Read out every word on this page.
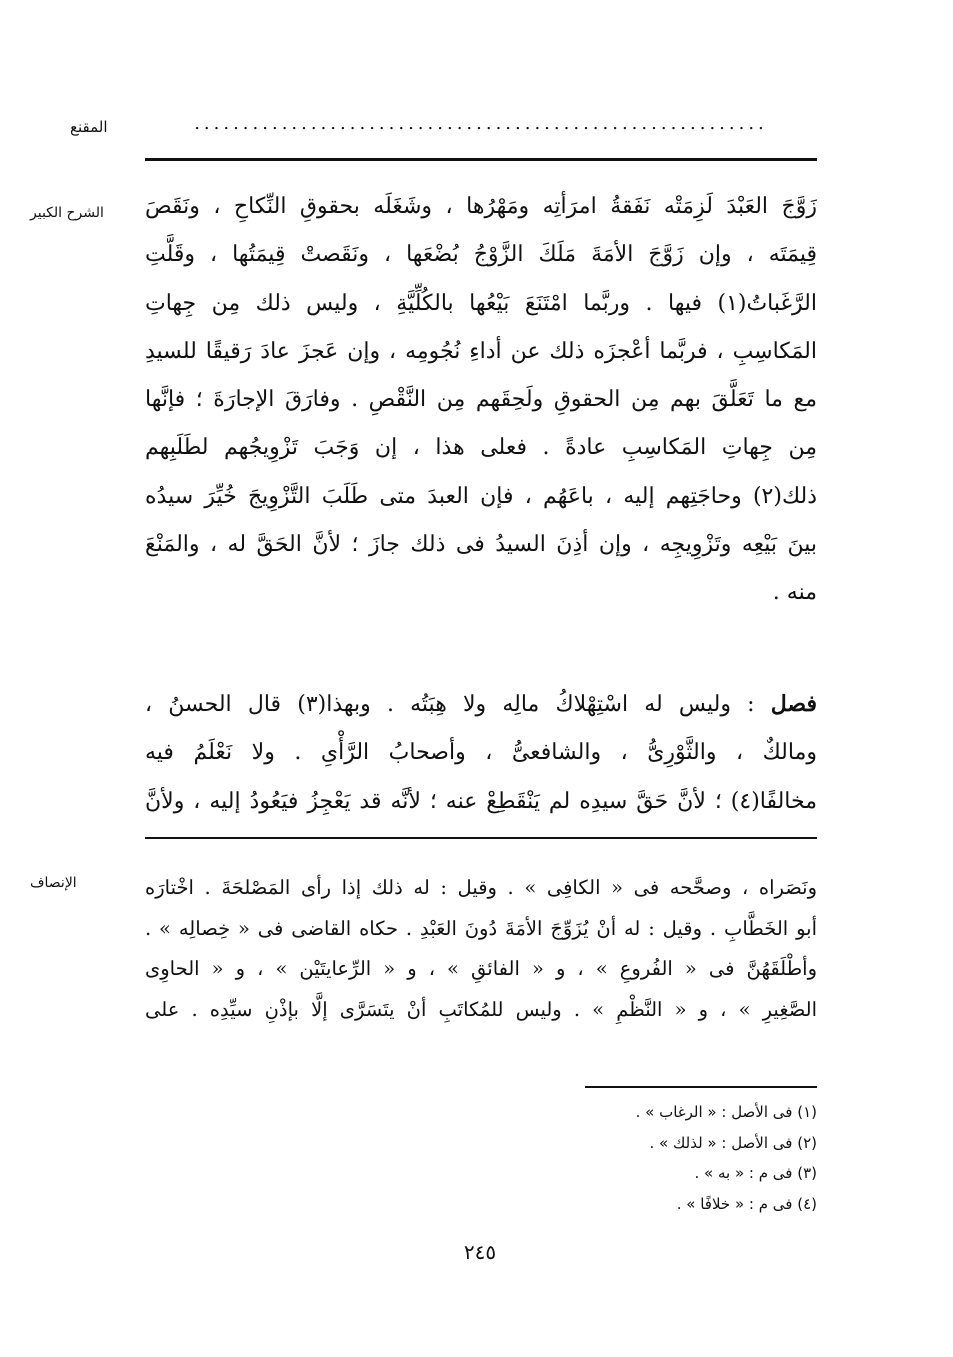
المقنع	...........................................................
الشرح الكبير
الإنصاف
زَوَّجَ العَبْدَ لَزِمَتْه نَفَقةُ امرَأتِه ومَهْرُها ، وشَغَلَه بحقوقِ النِّكاحِ ، ونَقَصَ
قِيمَتَه ، وإن زَوَّجَ الأمَةَ مَلَكَ الزَّوْجُ بُضْعَها ، ونَقَصتْ قِيمَتُها ، وقَلَّتِ
الرَّغَباتُ(١) فيها . وربَّما امْتَنَعَ بَيْعُها بالكُلِّيَّةِ ، وليس ذلك مِن جِهاتِ
المَكاسِبِ ، فربَّما أعْجزَه ذلك عن أداءِ نُجُومِه ، وإن عَجزَ عادَ رَقيقًا للسيدِ
مع ما تَعَلَّقَ بهم مِن الحقوقِ ولَحِقَهم مِن النَّقْصِ . وفارَقَ الإجارَةَ ؛ فإنَّها
مِن جِهاتِ المَكاسِبِ عادةً . فعلى هذا ، إن وَجَبَ تَزْوِيجُهم لطَلَبِهم
ذلك(٢) وحاجَتِهم إليه ، باعَهُم ، فإن العبدَ متى طَلَبَ التَّزْوِيجَ خُيِّرَ سيدُه
بينَ بَيْعِه وتَزْوِيجِه ، وإن أذِنَ السيدُ فى ذلك جازَ ؛ لأنَّ الحَقَّ له ، والمَنْعَ
منه .
فصل : وليس له اسْتِهْلاكُ مالِه ولا هِبَتُه . وبهذا(٣) قال الحسنُ ،
ومالكٌ ، والثَّوْرِىُّ ، والشافعىُّ ، وأصحابُ الرَّأْىِ . ولا نَعْلَمُ فيه
مخالفًا(٤) ؛ لأنَّ حَقَّ سيدِه لم يَنْقَطِعْ عنه ؛ لأنَّه قد يَعْجِزُ فيَعُودُ إليه ، ولأنَّ
ونَصَراه ، وصحَّحه فى « الكافِى » . وقيل : له ذلك إذا رأى المَصْلحَةَ . اخْتارَه
أبو الخَطَّابِ . وقيل : له أنْ يُزَوِّجَ الأمَةَ دُونَ العَبْدِ . حكاه القاضى فى « خِصالِه » .
وأطْلَقَهُنَّ فى « الفُروعِ » ، و « الفائقِ » ، و « الرِّعايتَيْن » ، و « الحاوِى
الصَّغِيرِ » ، و « النَّظْمِ » . وليس للمُكاتَبِ أنْ يتَسَرَّى إلَّا بإذْنِ سيِّدِه . على
(١) فى الأصل : « الرغاب » .
(٢) فى الأصل : « لذلك » .
(٣) فى م : « به » .
(٤) فى م : « خلافًا » .
٢٤٥
